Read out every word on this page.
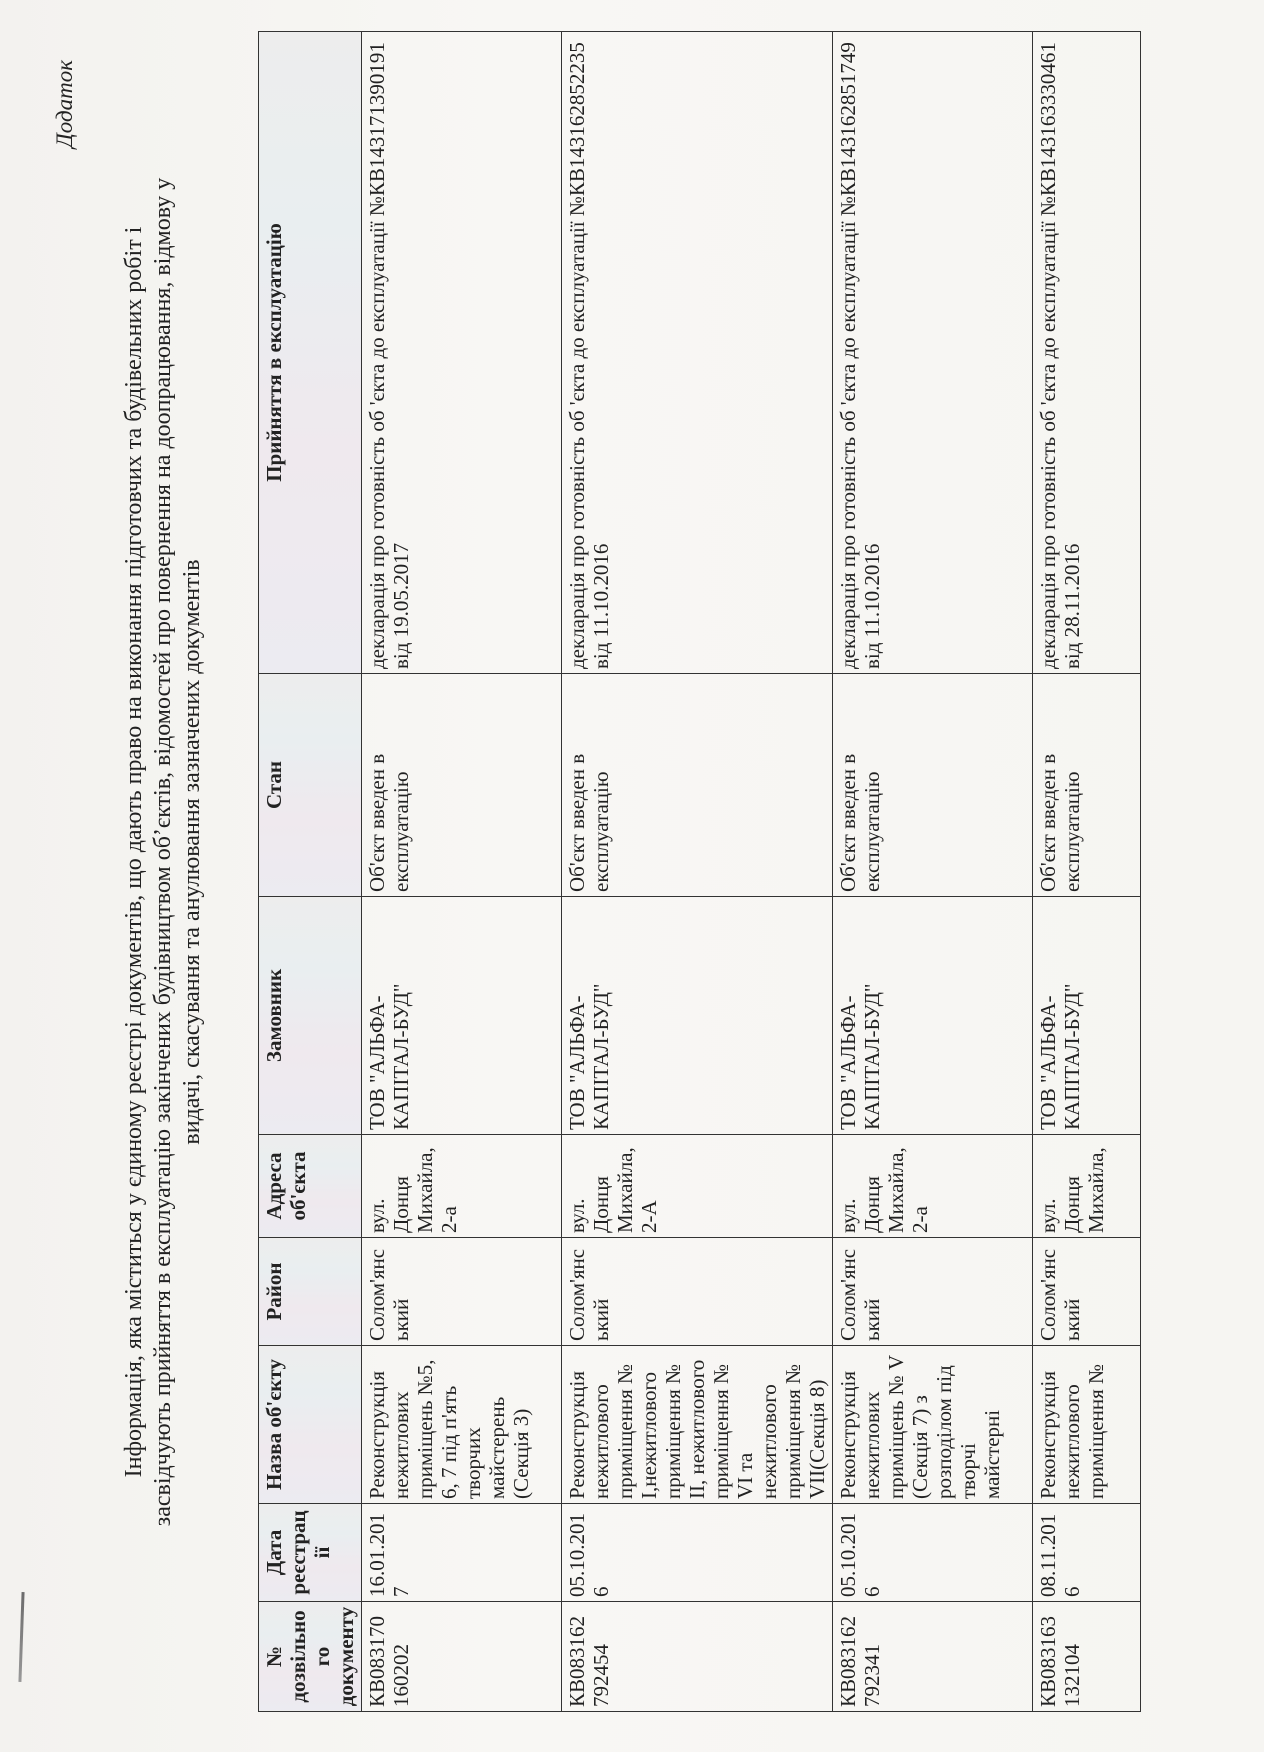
Додаток
Інформація, яка міститься у єдиному реєстрі документів, що дають право на виконання підготовчих та будівельних робіт і засвідчують прийняття в експлуатацію закінчених будівництвом об’єктів, відомостей про повернення на доопрацювання, відмову у видачі, скасування та анулювання зазначених документів
№ дозвільного документу	Дата реєстрації	Назва об'єкту	Район	Адреса об'єкта	Замовник	Стан	Прийняття в експлуатацію
КВ083170160202	16.01.2017	Реконструкція нежитлових приміщень №5, 6, 7 під п'ять творчих майстерень (Секція 3)	Солом'янський	вул. Донця Михайла, 2-а	ТОВ "АЛЬФА-КАПІТАЛ-БУД"	Об'єкт введен в експлуатацію	декларація про готовність об 'єкта до експлуатації №КВ143171390191 від 19.05.2017
КВ083162792454	05.10.2016	Реконструкція нежитлового приміщення № І,нежитлового приміщення № ІІ, нежитлового приміщення № VI та нежитлового приміщення № VII(Секція 8)	Солом'янський	вул. Донця Михайла, 2-А	ТОВ "АЛЬФА-КАПІТАЛ-БУД"	Об'єкт введен в експлуатацію	декларація про готовність об 'єкта до експлуатації №КВ143162852235 від 11.10.2016
КВ083162792341	05.10.2016	Реконструкція нежитлових приміщень № V (Секція 7) з розподілом під творчі майстерні	Солом'янський	вул. Донця Михайла, 2-а	ТОВ "АЛЬФА-КАПІТАЛ-БУД"	Об'єкт введен в експлуатацію	декларація про готовність об 'єкта до експлуатації №КВ143162851749 від 11.10.2016
КВ083163132104	08.11.2016	Реконструкція нежитлового приміщення №	Солом'янський	вул. Донця Михайла,	ТОВ "АЛЬФА-КАПІТАЛ-БУД"	Об'єкт введен в експлуатацію	декларація про готовність об 'єкта до експлуатації №КВ143163330461 від 28.11.2016
